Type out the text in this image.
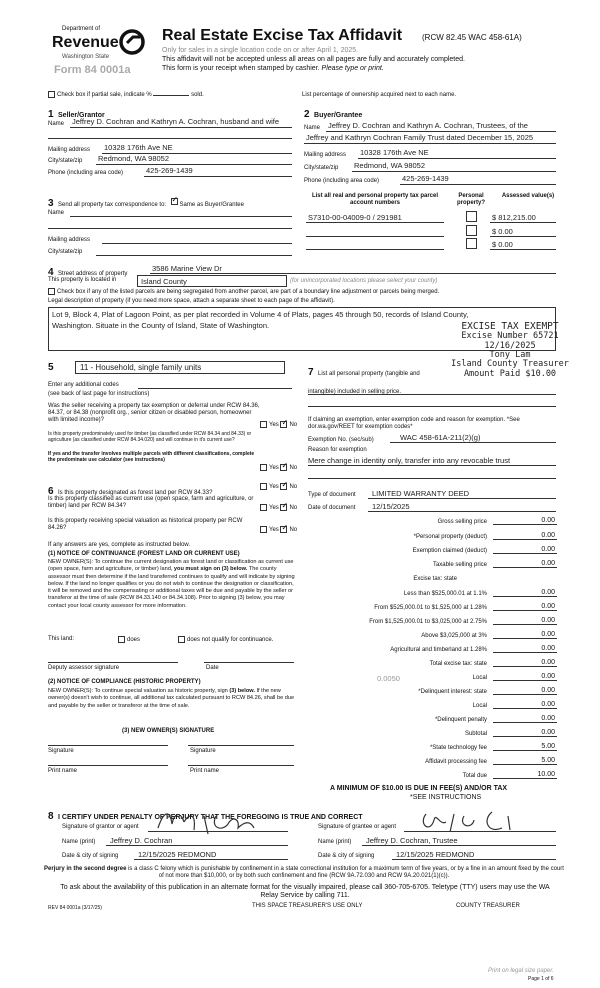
Department of
Revenue
Washington State
Form 84 0001a
Real Estate Excise Tax Affidavit (RCW 82.45 WAC 458-61A)
Only for sales in a single location code on or after April 1, 2025.
This affidavit will not be accepted unless all areas on all pages are fully and accurately completed.
This form is your receipt when stamped by cashier. Please type or print.
Check box if partial sale, indicate %	sold.	List percentage of ownership acquired next to each name.
1 Seller/Grantor
Name Jeffrey D. Cochran and Kathryn A. Cochran, husband and wife
Mailing address 10328 176th Ave NE
City/state/zip Redmond, WA 98052
Phone (including area code)	425-269-1439
2 Buyer/Grantee
Name Jeffrey D. Cochran and Kathryn A. Cochran, Trustees, of the
Jeffrey and Kathryn Cochran Family Trust dated December 15, 2025
Mailing address 10328 176th Ave NE
City/state/zip Redmond, WA 98052
Phone (including area code)	425-269-1439
3 Send all property tax correspondence to: ✓ Same as Buyer/Grantee
Name
Mailing address
City/state/zip
List all real and personal property tax parcel account numbers
Personal property?
Assessed value(s)
S7310-00-04009-0 / 291981	$ 812,215.00
$ 0.00
$ 0.00
4 Street address of property
3586 Marine View Dr
This property is located in	Island County	(for unincorporated locations please select your county)
Check box if any of the listed parcels are being segregated from another parcel, are part of a boundary line adjustment or parcels being merged.
Legal description of property (if you need more space, attach a separate sheet to each page of the affidavit).
Lot 9, Block 4, Plat of Lagoon Point, as per plat recorded in Volume 4 of Plats, pages 45 through 50, records of Island County, Washington. Situate in the County of Island, State of Washington.	EXCISE TAX EXEMPT
Excise Number 65721
12/16/2025
Tony Lam
Island County Treasurer
Amount Paid $10.00
5	11 - Household, single family units
Enter any additional codes
(see back of last page for instructions)
Was the seller receiving a property tax exemption or deferral under RCW 84.36, 84.37, or 84.38 (nonprofit org., senior citizen or disabled person, homeowner with limited income)?
Yes ✓ No
Is this property predominately used for timber (as classified under RCW 84.34 and 84.33) or agriculture (as classified under RCW 84.34.020) and will continue in it's current use?
If yes and the transfer involves multiple parcels with different classifications, complete the predominate use calculator (see instructions)
Yes ✓ No
6 Is this property designated as forest land per RCW 84.33?
Yes ✓ No
Is this property classified as current use (open space, farm and agriculture, or timber) land per RCW 84.34?	Yes ✓ No
Is this property receiving special valuation as historical property per RCW 84.26?	Yes ✓ No
If any answers are yes, complete as instructed below.
(1) NOTICE OF CONTINUANCE (FOREST LAND OR CURRENT USE)
NEW OWNER(S): To continue the current designation as forest land or classification as current use (open space, farm and agriculture, or timber) land, you must sign on (3) below. The county assessor must then determine if the land transferred continues to qualify and will indicate by signing below. If the land no longer qualifies or you do not wish to continue the designation or classification, it will be removed and the compensating or additional taxes will be due and payable by the seller or transferor at the time of sale (RCW 84.33.140 or 84.34.108). Prior to signing (3) below, you may contact your local county assessor for more information.
This land:	does	does not qualify for continuance.
Deputy assessor signature	Date
(2) NOTICE OF COMPLIANCE (HISTORIC PROPERTY)
NEW OWNER(S): To continue special valuation as historic property, sign (3) below. If the new owner(s) doesn't wish to continue, all additional tax calculated pursuant to RCW 84.26, shall be due and payable by the seller or transferor at the time of sale.
(3) NEW OWNER(S) SIGNATURE
Signature	Signature
Print name	Print name
7 List all personal property (tangible and intangible) included in selling price.
If claiming an exemption, enter exemption code and reason for exemption. *See dor.wa.gov/REET for exemption codes*
Exemption No. (sec/sub)	WAC 458-61A-211(2)(g)
Reason for exemption
Mere change in identity only, transfer into any revocable trust
Type of document LIMITED WARRANTY DEED
Date of document 12/15/2025
Gross selling price	0.00
*Personal property (deduct)	0.00
Exemption claimed (deduct)	0.00
Taxable selling price	0.00
Excise tax: state
Less than $525,000.01 at 1.1%	0.00
From $525,000.01 to $1,525,000 at 1.28%	0.00
From $1,525,000.01 to $3,025,000 at 2.75%	0.00
Above $3,025,000 at 3%	0.00
Agricultural and timberland at 1.28%	0.00
Total excise tax: state	0.00
0.0050	Local	0.00
*Delinquent interest: state	0.00
Local	0.00
*Delinquent penalty	0.00
Subtotal	0.00
*State technology fee	5.00
Affidavit processing fee	5.00
Total due	10.00
A MINIMUM OF $10.00 IS DUE IN FEE(S) AND/OR TAX
*SEE INSTRUCTIONS
8 I CERTIFY UNDER PENALTY OF PERJURY THAT THE FOREGOING IS TRUE AND CORRECT
Signature of grantor or agent
Name (print) Jeffrey D. Cochran
Date & city of signing	12/15/2025 REDMOND
Signature of grantee or agent
Name (print) Jeffrey D. Cochran, Trustee
Date & city of signing	12/15/2025 REDMOND
Perjury in the second degree is a class C felony which is punishable by confinement in a state correctional institution for a maximum term of five years, or by a fine in an amount fixed by the court of not more than $10,000, or by both such confinement and fine (RCW 9A.72.030 and RCW 9A.20.021(1)(c)).
To ask about the availability of this publication in an alternate format for the visually impaired, please call 360-705-6705. Teletype (TTY) users may use the WA Relay Service by calling 711.
REV 84 0001a (3/17/25)	THIS SPACE TREASURER'S USE ONLY	COUNTY TREASURER
Print on legal size paper.
Page 1 of 6
